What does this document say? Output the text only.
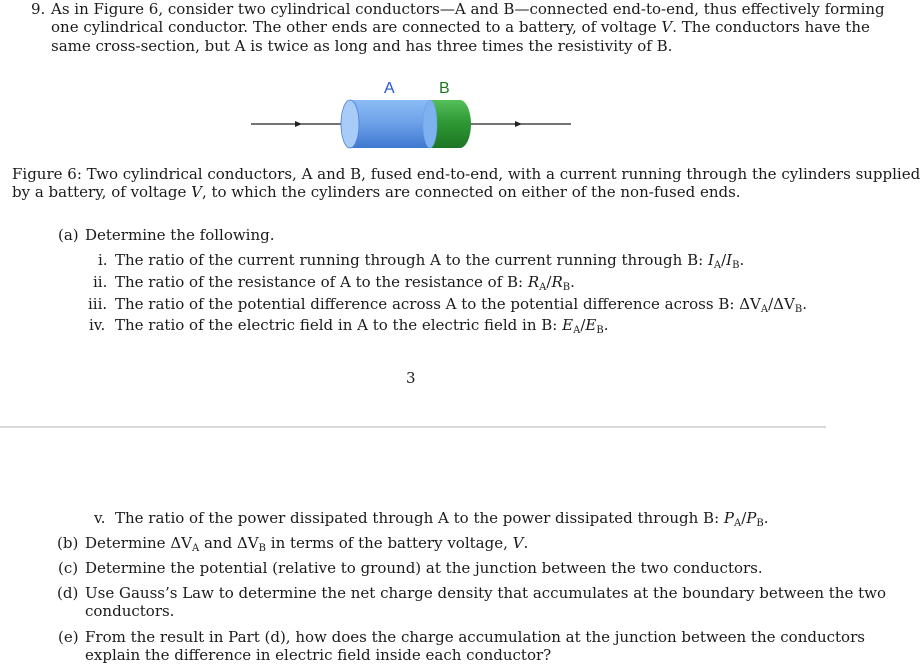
9. As in Figure 6, consider two cylindrical conductors—A and B—connected end-to-end, thus effectively forming
one cylindrical conductor. The other ends are connected to a battery, of voltage V. The conductors have the
same cross-section, but A is twice as long and has three times the resistivity of B.
A	B
Figure 6: Two cylindrical conductors, A and B, fused end-to-end, with a current running through the cylinders supplied
by a battery, of voltage V, to which the cylinders are connected on either of the non-fused ends.
(a) Determine the following.
i. The ratio of the current running through A to the current running through B: $I_A/I_B$.
ii. The ratio of the resistance of A to the resistance of B: $R_A/R_B$.
iii. The ratio of the potential difference across A to the potential difference across B: $\Delta V_A/\Delta V_B$.
iv. The ratio of the electric field in A to the electric field in B: $E_A/E_B$.
3
v. The ratio of the power dissipated through A to the power dissipated through B: $P_A/P_B$.
(b) Determine $\Delta V_A$ and $\Delta V_B$ in terms of the battery voltage, V.
(c) Determine the potential (relative to ground) at the junction between the two conductors.
(d) Use Gauss’s Law to determine the net charge density that accumulates at the boundary between the two
conductors.
(e) From the result in Part (d), how does the charge accumulation at the junction between the conductors
explain the difference in electric field inside each conductor?
